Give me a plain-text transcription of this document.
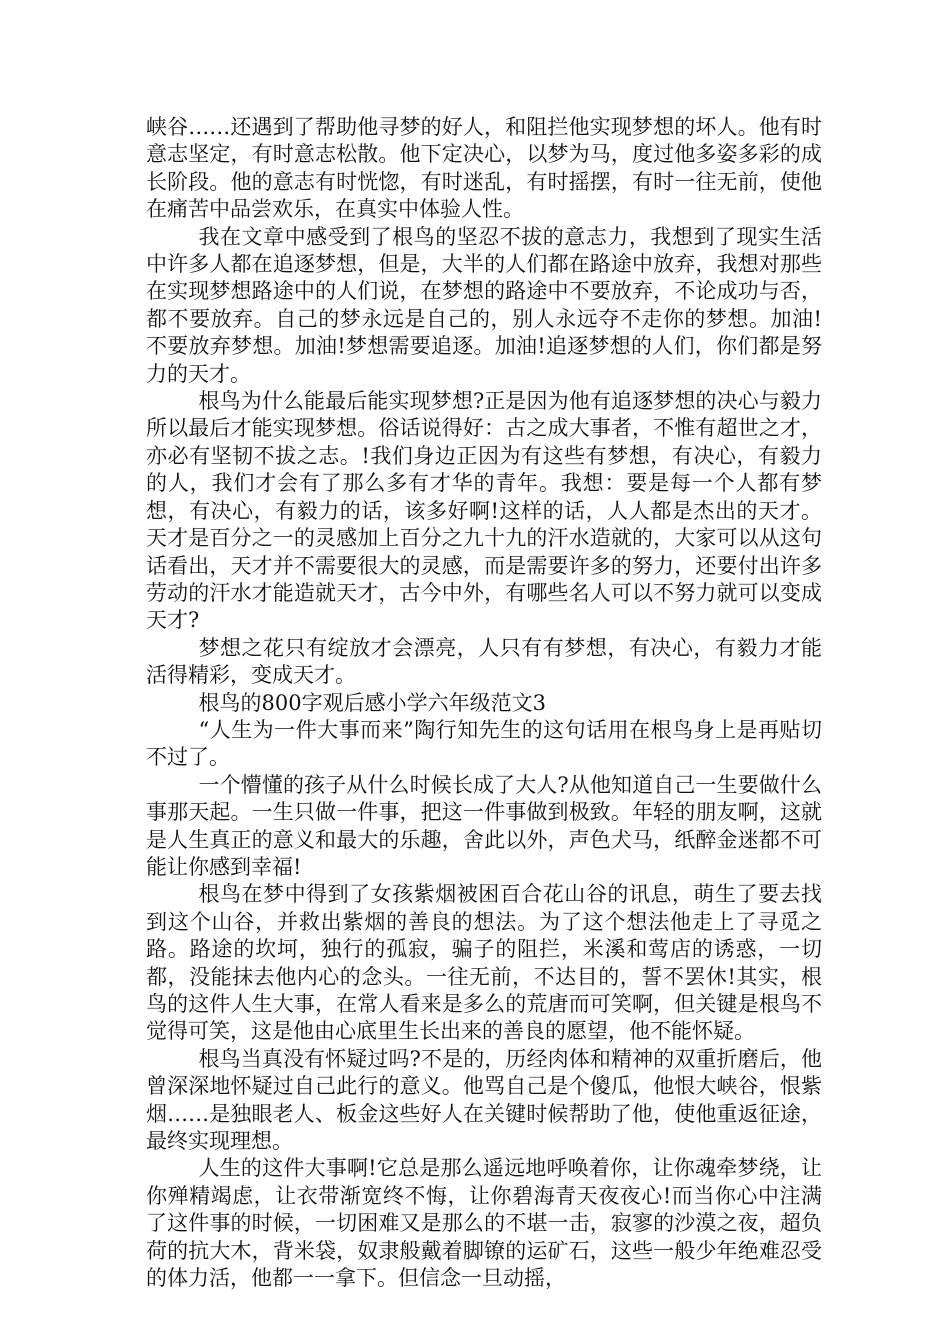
峡谷……还遇到了帮助他寻梦的好人，和阻拦他实现梦想的坏人。他有时意志坚定，有时意志松散。他下定决心，以梦为马，度过他多姿多彩的成长阶段。他的意志有时恍惚，有时迷乱，有时摇摆，有时一往无前，使他在痛苦中品尝欢乐，在真实中体验人性。

我在文章中感受到了根鸟的坚忍不拔的意志力，我想到了现实生活中许多人都在追逐梦想，但是，大半的人们都在路途中放弃，我想对那些在实现梦想路途中的人们说，在梦想的路途中不要放弃，不论成功与否，都不要放弃。自己的梦永远是自己的，别人永远夺不走你的梦想。加油!不要放弃梦想。加油!梦想需要追逐。加油!追逐梦想的人们，你们都是努力的天才。

根鸟为什么能最后能实现梦想?正是因为他有追逐梦想的决心与毅力所以最后才能实现梦想。俗话说得好：古之成大事者，不惟有超世之才，亦必有坚韧不拔之志。!我们身边正因为有这些有梦想，有决心，有毅力的人，我们才会有了那么多有才华的青年。我想：要是每一个人都有梦想，有决心，有毅力的话，该多好啊!这样的话，人人都是杰出的天才。天才是百分之一的灵感加上百分之九十九的汗水造就的，大家可以从这句话看出，天才并不需要很大的灵感，而是需要许多的努力，还要付出许多劳动的汗水才能造就天才，古今中外，有哪些名人可以不努力就可以变成天才?

梦想之花只有绽放才会漂亮，人只有有梦想，有决心，有毅力才能活得精彩，变成天才。

根鸟的800字观后感小学六年级范文3

“人生为一件大事而来”陶行知先生的这句话用在根鸟身上是再贴切不过了。

一个懵懂的孩子从什么时候长成了大人?从他知道自己一生要做什么事那天起。一生只做一件事，把这一件事做到极致。年轻的朋友啊，这就是人生真正的意义和最大的乐趣，舍此以外，声色犬马，纸醉金迷都不可能让你感到幸福!

根鸟在梦中得到了女孩紫烟被困百合花山谷的讯息，萌生了要去找到这个山谷，并救出紫烟的善良的想法。为了这个想法他走上了寻觅之路。路途的坎坷，独行的孤寂，骗子的阻拦，米溪和莺店的诱惑，一切都，没能抹去他内心的念头。一往无前，不达目的，誓不罢休!其实，根鸟的这件人生大事，在常人看来是多么的荒唐而可笑啊，但关键是根鸟不觉得可笑，这是他由心底里生长出来的善良的愿望，他不能怀疑。

根鸟当真没有怀疑过吗?不是的，历经肉体和精神的双重折磨后，他曾深深地怀疑过自己此行的意义。他骂自己是个傻瓜，他恨大峡谷，恨紫烟……是独眼老人、板金这些好人在关键时候帮助了他，使他重返征途，最终实现理想。

人生的这件大事啊!它总是那么遥远地呼唤着你，让你魂牵梦绕，让你殚精竭虑，让衣带渐宽终不悔，让你碧海青天夜夜心!而当你心中注满了这件事的时候，一切困难又是那么的不堪一击，寂寥的沙漠之夜，超负荷的抗大木，背米袋，奴隶般戴着脚镣的运矿石，这些一般少年绝难忍受的体力活，他都一一拿下。但信念一旦动摇，
